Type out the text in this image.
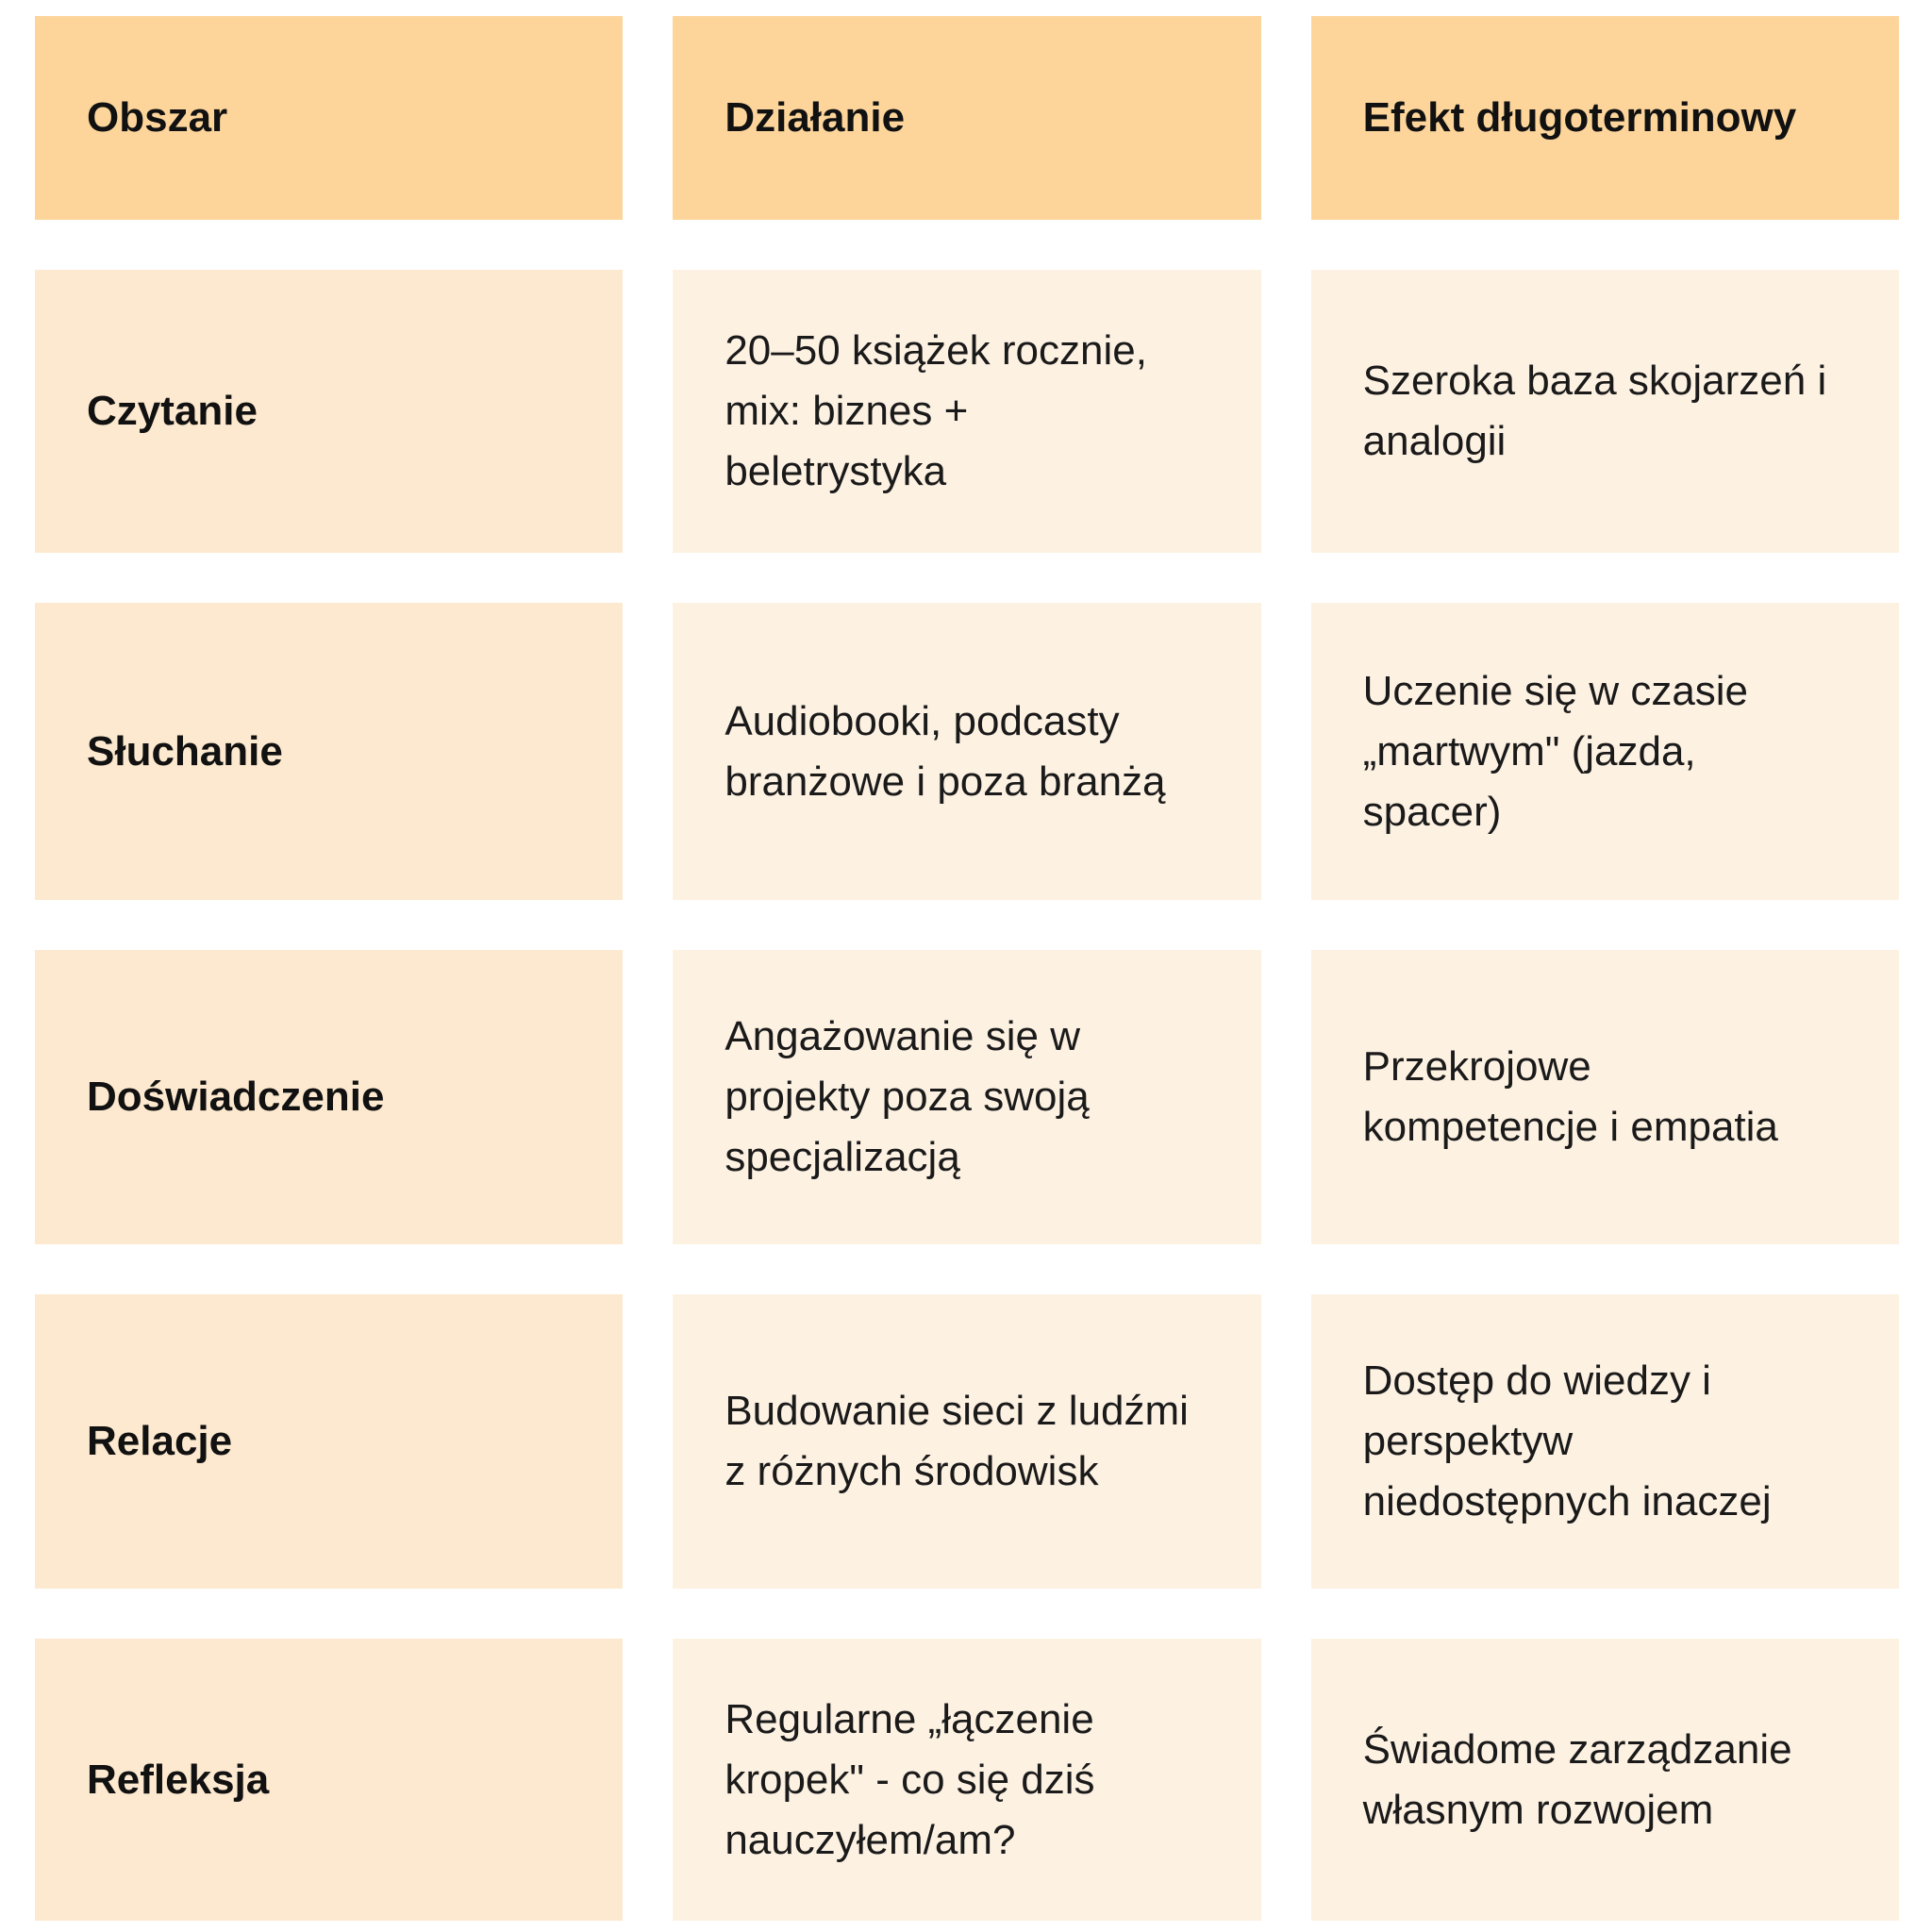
Obszar	Działanie	Efekt długoterminowy
Czytanie
20–50 książek rocznie, mix: biznes + beletrystyka
Szeroka baza skojarzeń i analogii
Słuchanie
Audiobooki, podcasty branżowe i poza branżą
Uczenie się w czasie „martwym" (jazda, spacer)
Doświadczenie
Angażowanie się w projekty poza swoją specjalizacją
Przekrojowe kompetencje i empatia
Relacje
Budowanie sieci z ludźmi z różnych środowisk
Dostęp do wiedzy i perspektyw niedostępnych inaczej
Refleksja
Regularne „łączenie kropek" - co się dziś nauczyłem/am?
Świadome zarządzanie własnym rozwojem
